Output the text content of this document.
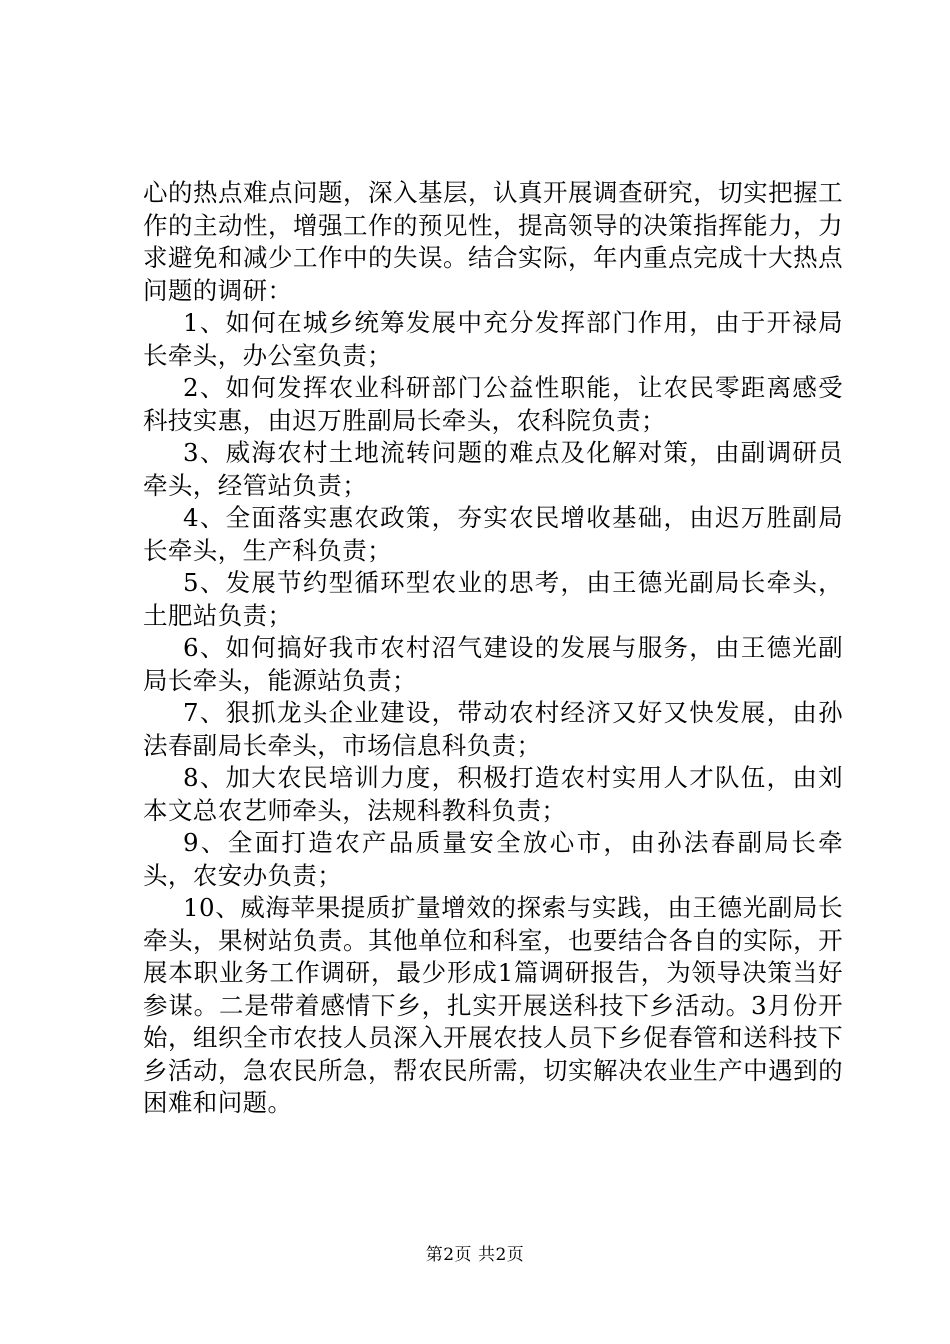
心的热点难点问题，深入基层，认真开展调查研究，切实把握工作的主动性，增强工作的预见性，提高领导的决策指挥能力，力求避免和减少工作中的失误。结合实际，年内重点完成十大热点问题的调研：

1、如何在城乡统筹发展中充分发挥部门作用，由于开禄局长牵头，办公室负责；

2、如何发挥农业科研部门公益性职能，让农民零距离感受科技实惠，由迟万胜副局长牵头，农科院负责；

3、威海农村土地流转问题的难点及化解对策，由副调研员牵头，经管站负责；

4、全面落实惠农政策，夯实农民增收基础，由迟万胜副局长牵头，生产科负责；

5、发展节约型循环型农业的思考，由王德光副局长牵头，土肥站负责；

6、如何搞好我市农村沼气建设的发展与服务，由王德光副局长牵头，能源站负责；

7、狠抓龙头企业建设，带动农村经济又好又快发展，由孙法春副局长牵头，市场信息科负责；

8、加大农民培训力度，积极打造农村实用人才队伍，由刘本文总农艺师牵头，法规科教科负责；

9、全面打造农产品质量安全放心市，由孙法春副局长牵头，农安办负责；

10、威海苹果提质扩量增效的探索与实践，由王德光副局长牵头，果树站负责。其他单位和科室，也要结合各自的实际，开展本职业务工作调研，最少形成1篇调研报告，为领导决策当好参谋。二是带着感情下乡，扎实开展送科技下乡活动。3月份开始，组织全市农技人员深入开展农技人员下乡促春管和送科技下乡活动，急农民所急，帮农民所需，切实解决农业生产中遇到的困难和问题。

第2页 共2页
